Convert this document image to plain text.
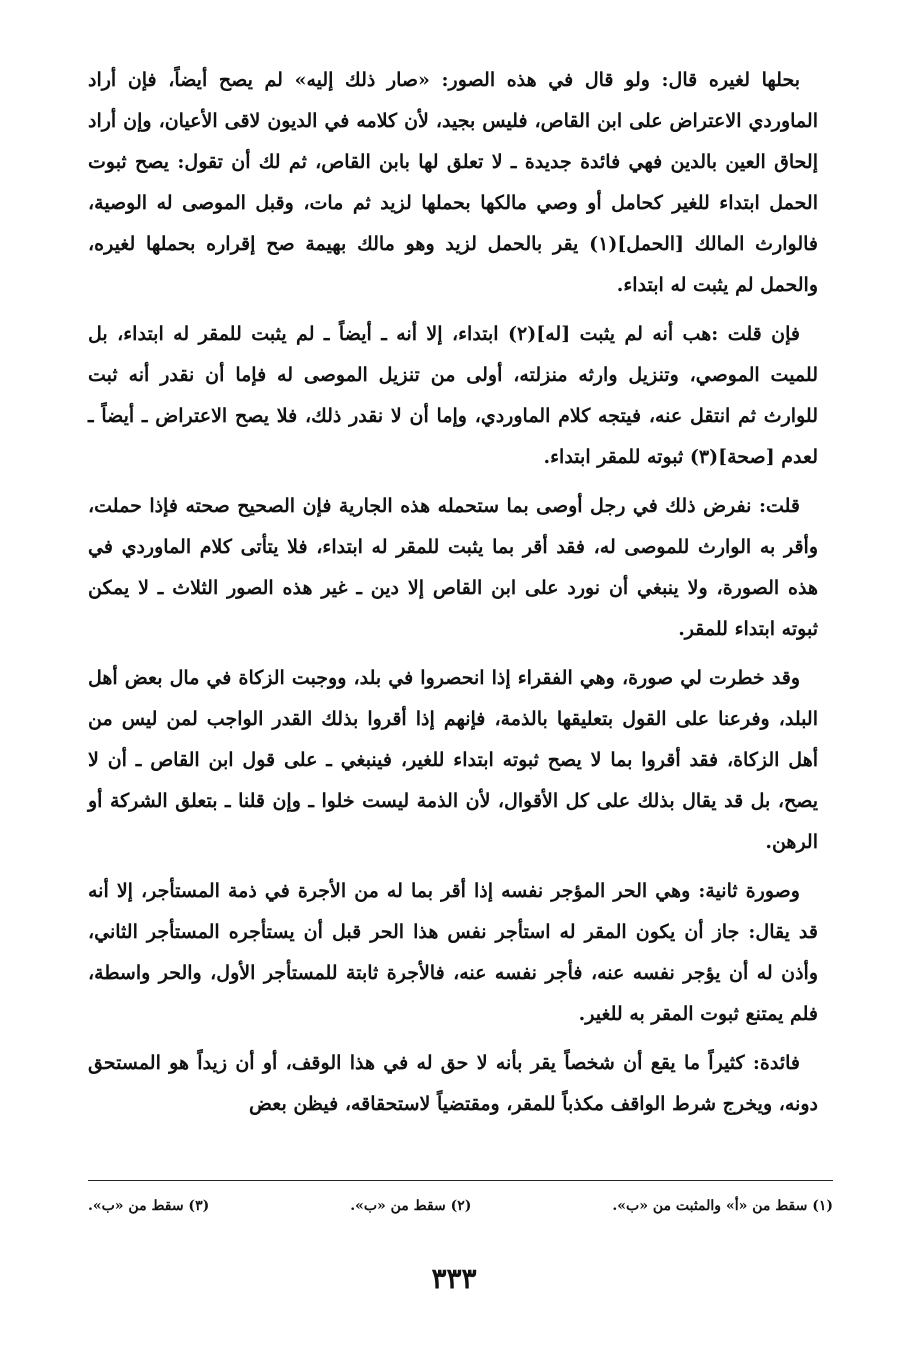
بحلها لغيره قال: ولو قال في هذه الصور: «صار ذلك إليه» لم يصح أيضاً، فإن أراد الماوردي الاعتراض على ابن القاص، فليس بجيد، لأن كلامه في الديون لاقى الأعيان، وإن أراد إلحاق العين بالدين فهي فائدة جديدة ـ لا تعلق لها بابن القاص، ثم لك أن تقول: يصح ثبوت الحمل ابتداء للغير كحامل أو وصي مالكها بحملها لزيد ثم مات، وقبل الموصى له الوصية، فالوارث المالك [الحمل](١) يقر بالحمل لزيد وهو مالك بهيمة صح إقراره بحملها لغيره، والحمل لم يثبت له ابتداء.

فإن قلت :هب أنه لم يثبت [له](٢) ابتداء، إلا أنه ـ أيضاً ـ لم يثبت للمقر له ابتداء، بل للميت الموصي، وتنزيل وارثه منزلته، أولى من تنزيل الموصى له فإما أن نقدر أنه ثبت للوارث ثم انتقل عنه، فيتجه كلام الماوردي، وإما أن لا نقدر ذلك، فلا يصح الاعتراض ـ أيضاً ـ لعدم [صحة](٣) ثبوته للمقر ابتداء.

قلت: نفرض ذلك في رجل أوصى بما ستحمله هذه الجارية فإن الصحيح صحته فإذا حملت، وأقر به الوارث للموصى له، فقد أقر بما يثبت للمقر له ابتداء، فلا يتأتى كلام الماوردي في هذه الصورة، ولا ينبغي أن نورد على ابن القاص إلا دين ـ غير هذه الصور الثلاث ـ لا يمكن ثبوته ابتداء للمقر.

وقد خطرت لي صورة، وهي الفقراء إذا انحصروا في بلد، ووجبت الزكاة في مال بعض أهل البلد، وفرعنا على القول بتعليقها بالذمة، فإنهم إذا أقروا بذلك القدر الواجب لمن ليس من أهل الزكاة، فقد أقروا بما لا يصح ثبوته ابتداء للغير، فينبغي ـ على قول ابن القاص ـ أن لا يصح، بل قد يقال بذلك على كل الأقوال، لأن الذمة ليست خلوا ـ وإن قلنا ـ بتعلق الشركة أو الرهن.

وصورة ثانية: وهي الحر المؤجر نفسه إذا أقر بما له من الأجرة في ذمة المستأجر، إلا أنه قد يقال: جاز أن يكون المقر له استأجر نفس هذا الحر قبل أن يستأجره المستأجر الثاني، وأذن له أن يؤجر نفسه عنه، فأجر نفسه عنه، فالأجرة ثابتة للمستأجر الأول، والحر واسطة، فلم يمتنع ثبوت المقر به للغير.

فائدة: كثيراً ما يقع أن شخصاً يقر بأنه لا حق له في هذا الوقف، أو أن زيداً هو المستحق دونه، ويخرج شرط الواقف مكذباً للمقر، ومقتضياً لاستحقاقه، فيظن بعض

(١) سقط من «أ» والمثبت من «ب».
(٢) سقط من «ب».
(٣) سقط من «ب».
٣٣٣
